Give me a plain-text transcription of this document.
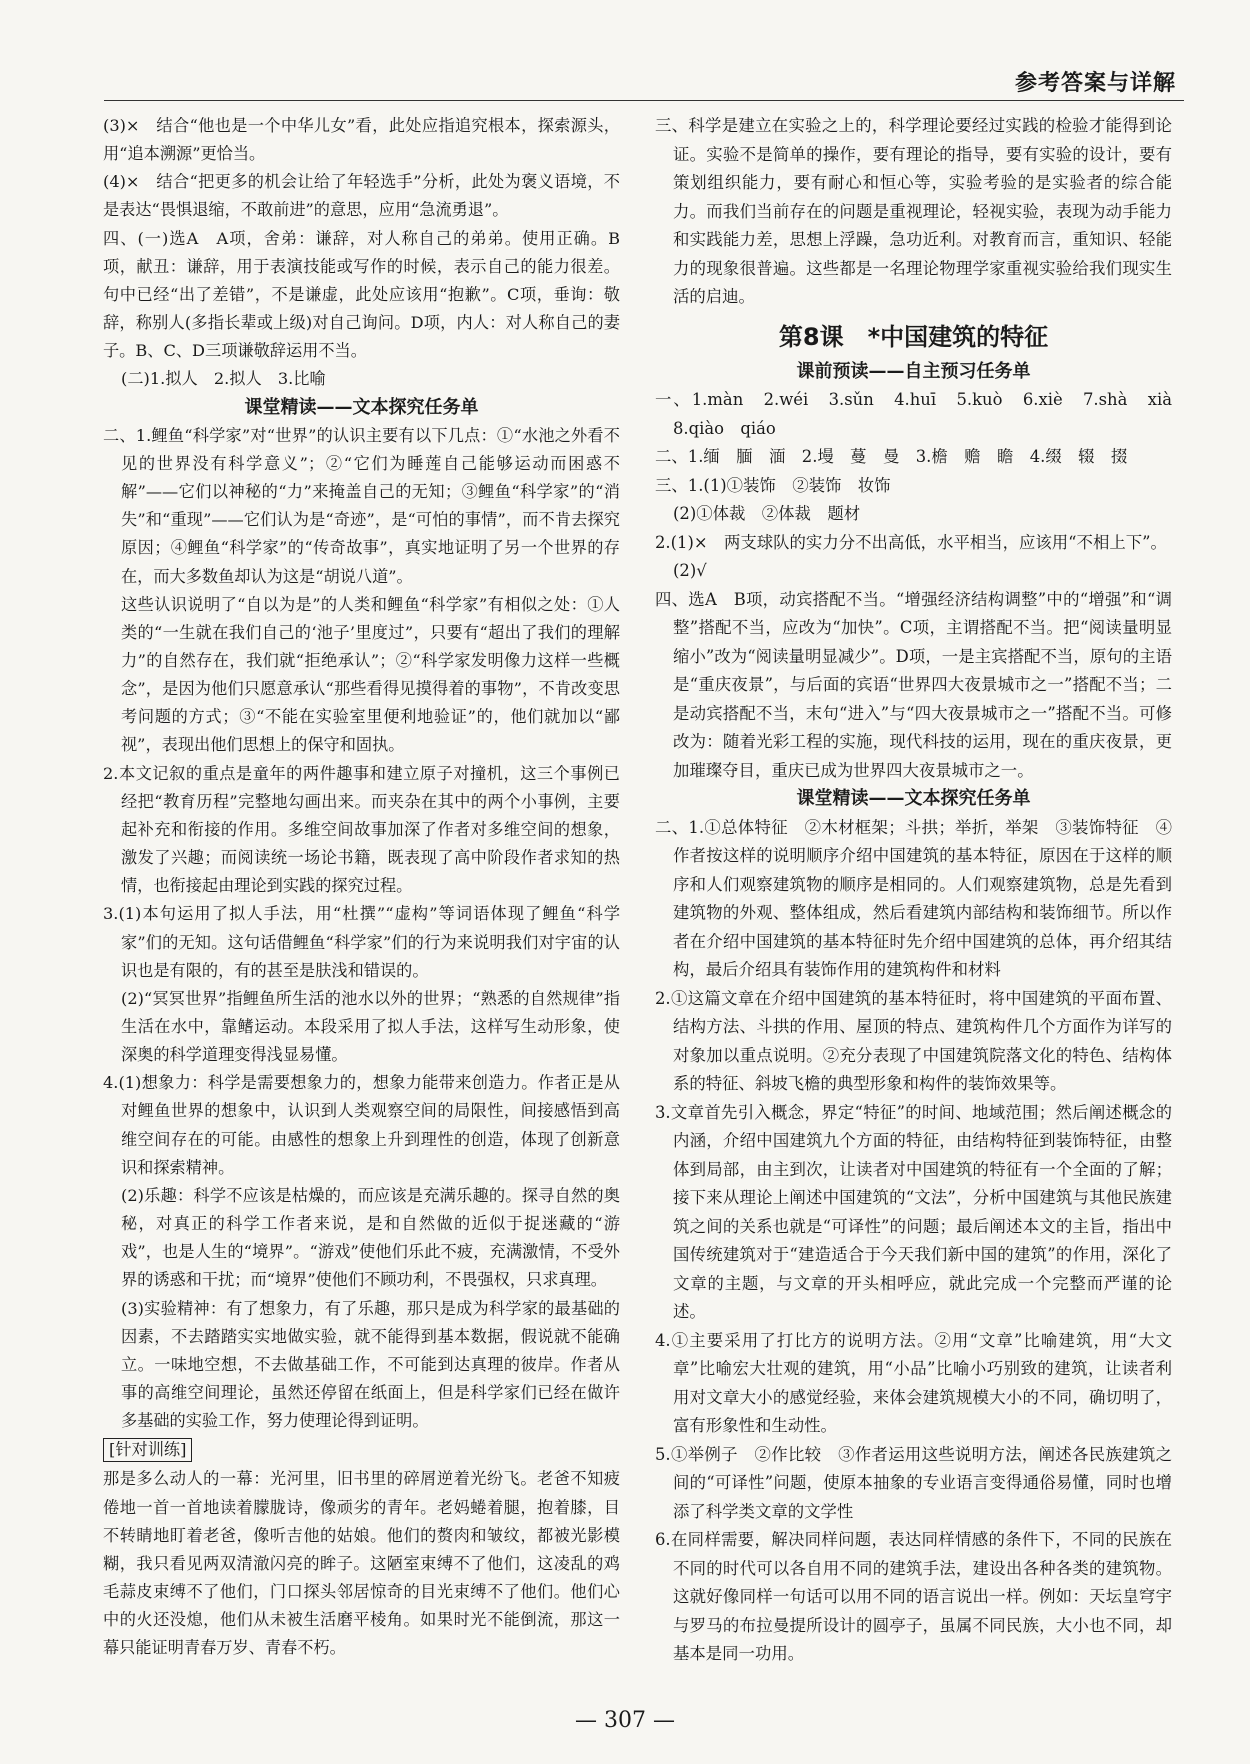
参考答案与详解

(3)×　结合“他也是一个中华儿女”看，此处应指追究根本，探索源头，用“追本溯源”更恰当。

(4)×　结合“把更多的机会让给了年轻选手”分析，此处为褒义语境，不是表达“畏惧退缩，不敢前进”的意思，应用“急流勇退”。

四、(一)选A　A项，舍弟：谦辞，对人称自己的弟弟。使用正确。B项，献丑：谦辞，用于表演技能或写作的时候，表示自己的能力很差。句中已经“出了差错”，不是谦虚，此处应该用“抱歉”。C项，垂询：敬辞，称别人(多指长辈或上级)对自己询问。D项，内人：对人称自己的妻子。B、C、D三项谦敬辞运用不当。

(二)1.拟人　2.拟人　3.比喻

课堂精读——文本探究任务单

二、1.鲤鱼“科学家”对“世界”的认识主要有以下几点：①“水池之外看不见的世界没有科学意义”；②“它们为睡莲自己能够运动而困惑不解”——它们以神秘的“力”来掩盖自己的无知；③鲤鱼“科学家”的“消失”和“重现”——它们认为是“奇迹”，是“可怕的事情”，而不肯去探究原因；④鲤鱼“科学家”的“传奇故事”，真实地证明了另一个世界的存在，而大多数鱼却认为这是“胡说八道”。

这些认识说明了“自以为是”的人类和鲤鱼“科学家”有相似之处：①人类的“一生就在我们自己的‘池子’里度过”，只要有“超出了我们的理解力”的自然存在，我们就“拒绝承认”；②“科学家发明像力这样一些概念”，是因为他们只愿意承认“那些看得见摸得着的事物”，不肯改变思考问题的方式；③“不能在实验室里便利地验证”的，他们就加以“鄙视”，表现出他们思想上的保守和固执。

2.本文记叙的重点是童年的两件趣事和建立原子对撞机，这三个事例已经把“教育历程”完整地勾画出来。而夹杂在其中的两个小事例，主要起补充和衔接的作用。多维空间故事加深了作者对多维空间的想象，激发了兴趣；而阅读统一场论书籍，既表现了高中阶段作者求知的热情，也衔接起由理论到实践的探究过程。

3.(1)本句运用了拟人手法，用“杜撰”“虚构”等词语体现了鲤鱼“科学家”们的无知。这句话借鲤鱼“科学家”们的行为来说明我们对宇宙的认识也是有限的，有的甚至是肤浅和错误的。

(2)“冥冥世界”指鲤鱼所生活的池水以外的世界；“熟悉的自然规律”指生活在水中，靠鳍运动。本段采用了拟人手法，这样写生动形象，使深奥的科学道理变得浅显易懂。

4.(1)想象力：科学是需要想象力的，想象力能带来创造力。作者正是从对鲤鱼世界的想象中，认识到人类观察空间的局限性，间接感悟到高维空间存在的可能。由感性的想象上升到理性的创造，体现了创新意识和探索精神。

(2)乐趣：科学不应该是枯燥的，而应该是充满乐趣的。探寻自然的奥秘，对真正的科学工作者来说，是和自然做的近似于捉迷藏的“游戏”，也是人生的“境界”。“游戏”使他们乐此不疲，充满激情，不受外界的诱惑和干扰；而“境界”使他们不顾功利，不畏强权，只求真理。

(3)实验精神：有了想象力，有了乐趣，那只是成为科学家的最基础的因素，不去踏踏实实地做实验，就不能得到基本数据，假说就不能确立。一味地空想，不去做基础工作，不可能到达真理的彼岸。作者从事的高维空间理论，虽然还停留在纸面上，但是科学家们已经在做许多基础的实验工作，努力使理论得到证明。

[针对训练]

那是多么动人的一幕：光河里，旧书里的碎屑逆着光纷飞。老爸不知疲倦地一首一首地读着朦胧诗，像顽劣的青年。老妈蜷着腿，抱着膝，目不转睛地盯着老爸，像听吉他的姑娘。他们的赘肉和皱纹，都被光影模糊，我只看见两双清澈闪亮的眸子。这陋室束缚不了他们，这凌乱的鸡毛蒜皮束缚不了他们，门口探头邻居惊奇的目光束缚不了他们。他们心中的火还没熄，他们从未被生活磨平棱角。如果时光不能倒流，那这一幕只能证明青春万岁、青春不朽。

三、科学是建立在实验之上的，科学理论要经过实践的检验才能得到论证。实验不是简单的操作，要有理论的指导，要有实验的设计，要有策划组织能力，要有耐心和恒心等，实验考验的是实验者的综合能力。而我们当前存在的问题是重视理论，轻视实验，表现为动手能力和实践能力差，思想上浮躁，急功近利。对教育而言，重知识、轻能力的现象很普遍。这些都是一名理论物理学家重视实验给我们现实生活的启迪。

第8课　*中国建筑的特征

课前预读——自主预习任务单

一、1.màn　2.wéi　3.sǔn　4.huī　5.kuò　6.xiè　7.shà　xià　8.qiào　qiáo

二、1.缅　腼　湎　2.墁　蔓　曼　3.檐　赡　瞻　4.缀　辍　掇

三、1.(1)①装饰　②装饰　妆饰

(2)①体裁　②体裁　题材

2.(1)×　两支球队的实力分不出高低，水平相当，应该用“不相上下”。

(2)√

四、选A　B项，动宾搭配不当。“增强经济结构调整”中的“增强”和“调整”搭配不当，应改为“加快”。C项，主谓搭配不当。把“阅读量明显缩小”改为“阅读量明显减少”。D项，一是主宾搭配不当，原句的主语是“重庆夜景”，与后面的宾语“世界四大夜景城市之一”搭配不当；二是动宾搭配不当，末句“进入”与“四大夜景城市之一”搭配不当。可修改为：随着光彩工程的实施，现代科技的运用，现在的重庆夜景，更加璀璨夺目，重庆已成为世界四大夜景城市之一。

课堂精读——文本探究任务单

二、1.①总体特征　②木材框架；斗拱；举折，举架　③装饰特征　④作者按这样的说明顺序介绍中国建筑的基本特征，原因在于这样的顺序和人们观察建筑物的顺序是相同的。人们观察建筑物，总是先看到建筑物的外观、整体组成，然后看建筑内部结构和装饰细节。所以作者在介绍中国建筑的基本特征时先介绍中国建筑的总体，再介绍其结构，最后介绍具有装饰作用的建筑构件和材料

2.①这篇文章在介绍中国建筑的基本特征时，将中国建筑的平面布置、结构方法、斗拱的作用、屋顶的特点、建筑构件几个方面作为详写的对象加以重点说明。②充分表现了中国建筑院落文化的特色、结构体系的特征、斜坡飞檐的典型形象和构件的装饰效果等。

3.文章首先引入概念，界定“特征”的时间、地域范围；然后阐述概念的内涵，介绍中国建筑九个方面的特征，由结构特征到装饰特征，由整体到局部，由主到次，让读者对中国建筑的特征有一个全面的了解；接下来从理论上阐述中国建筑的“文法”，分析中国建筑与其他民族建筑之间的关系也就是“可译性”的问题；最后阐述本文的主旨，指出中国传统建筑对于“建造适合于今天我们新中国的建筑”的作用，深化了文章的主题，与文章的开头相呼应，就此完成一个完整而严谨的论述。

4.①主要采用了打比方的说明方法。②用“文章”比喻建筑，用“大文章”比喻宏大壮观的建筑，用“小品”比喻小巧别致的建筑，让读者利用对文章大小的感觉经验，来体会建筑规模大小的不同，确切明了，富有形象性和生动性。

5.①举例子　②作比较　③作者运用这些说明方法，阐述各民族建筑之间的“可译性”问题，使原本抽象的专业语言变得通俗易懂，同时也增添了科学类文章的文学性

6.在同样需要，解决同样问题，表达同样情感的条件下，不同的民族在不同的时代可以各自用不同的建筑手法，建设出各种各类的建筑物。这就好像同样一句话可以用不同的语言说出一样。例如：天坛皇穹宇与罗马的布拉曼提所设计的圆亭子，虽属不同民族，大小也不同，却基本是同一功用。

— 307 —
